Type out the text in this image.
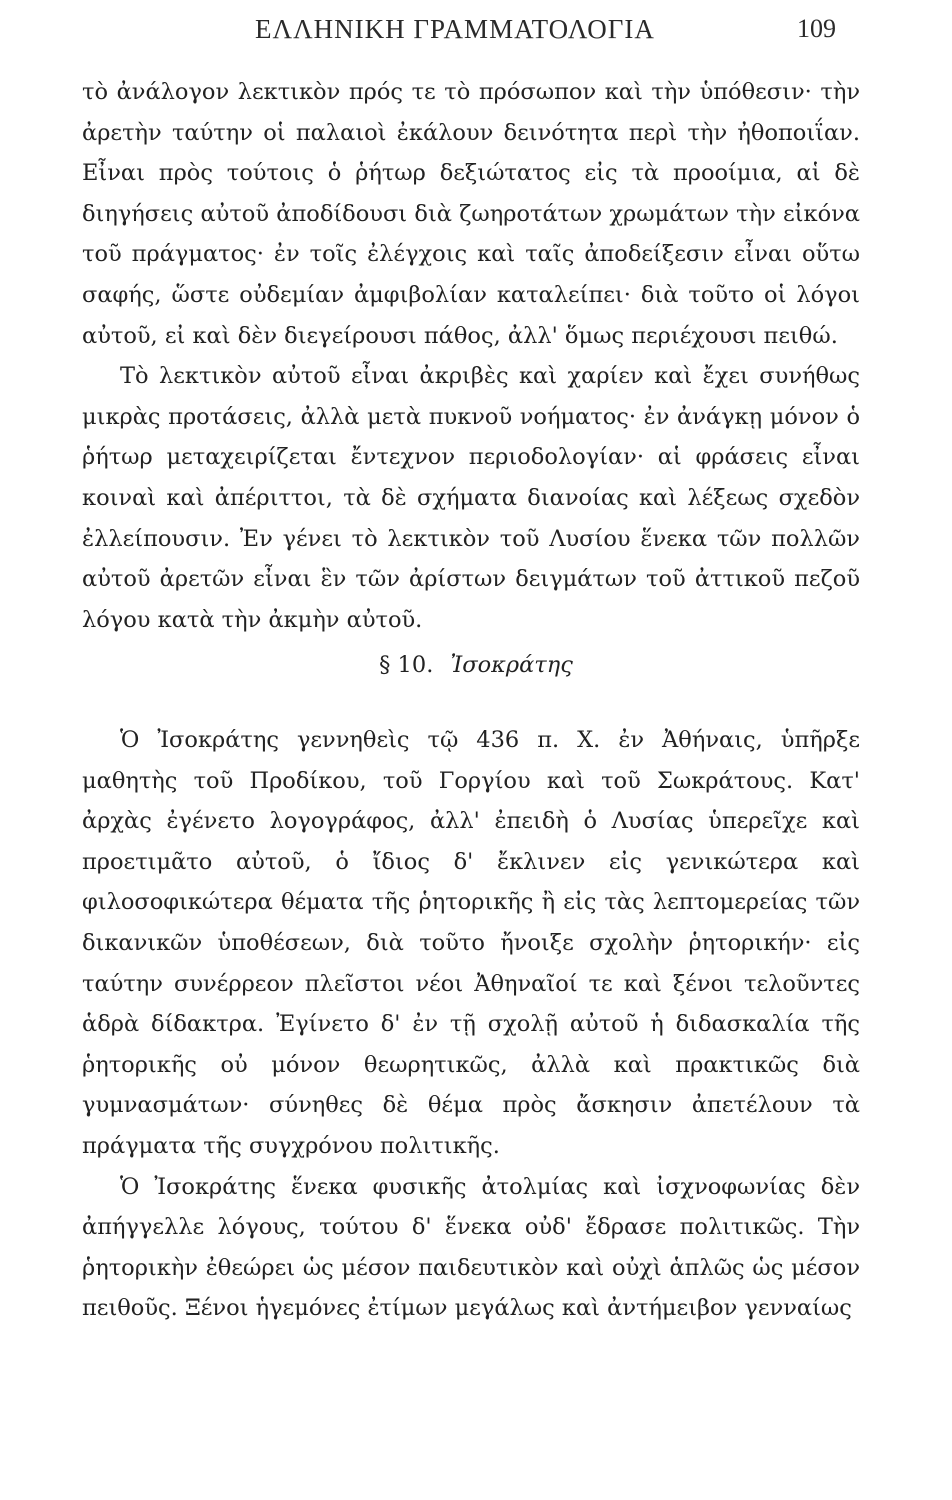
ΕΛΛΗΝΙΚΗ ΓΡΑΜΜΑΤΟΛΟΓΙΑ	109

τὸ ἀνάλογον λεκτικὸν πρός τε τὸ πρόσωπον καὶ τὴν ὑπόθεσιν· τὴν ἀρετὴν ταύτην οἱ παλαιοὶ ἐκάλουν δεινότητα περὶ τὴν ἠθοποιΐαν. Εἶναι πρὸς τούτοις ὁ ῥήτωρ δεξιώτατος εἰς τὰ προοίμια, αἱ δὲ διηγήσεις αὐτοῦ ἀποδίδουσι διὰ ζωηροτάτων χρωμάτων τὴν εἰκόνα τοῦ πράγματος· ἐν τοῖς ἐλέγχοις καὶ ταῖς ἀποδείξεσιν εἶναι οὕτω σαφής, ὥστε οὐδεμίαν ἀμφιβολίαν καταλείπει· διὰ τοῦτο οἱ λόγοι αὐτοῦ, εἰ καὶ δὲν διεγείρουσι πάθος, ἀλλ' ὅμως περιέχουσι πειθώ.

Τὸ λεκτικὸν αὐτοῦ εἶναι ἀκριβὲς καὶ χαρίεν καὶ ἔχει συνήθως μικρὰς προτάσεις, ἀλλὰ μετὰ πυκνοῦ νοήματος· ἐν ἀνάγκῃ μόνον ὁ ῥήτωρ μεταχειρίζεται ἔντεχνον περιοδολογίαν· αἱ φράσεις εἶναι κοιναὶ καὶ ἀπέριττοι, τὰ δὲ σχήματα διανοίας καὶ λέξεως σχεδὸν ἐλλείπουσιν. Ἐν γένει τὸ λεκτικὸν τοῦ Λυσίου ἕνεκα τῶν πολλῶν αὐτοῦ ἀρετῶν εἶναι ἓν τῶν ἀρίστων δειγμάτων τοῦ ἀττικοῦ πεζοῦ λόγου κατὰ τὴν ἀκμὴν αὐτοῦ.

§ 10. Ἰσοκράτης

Ὁ Ἰσοκράτης γεννηθεὶς τῷ 436 π. Χ. ἐν Ἀθήναις, ὑπῆρξε μαθητὴς τοῦ Προδίκου, τοῦ Γοργίου καὶ τοῦ Σωκράτους. Κατ' ἀρχὰς ἐγένετο λογογράφος, ἀλλ' ἐπειδὴ ὁ Λυσίας ὑπερεῖχε καὶ προετιμᾶτο αὐτοῦ, ὁ ἴδιος δ' ἔκλινεν εἰς γενικώτερα καὶ φιλοσοφικώτερα θέματα τῆς ῥητορικῆς ἢ εἰς τὰς λεπτομερείας τῶν δικανικῶν ὑποθέσεων, διὰ τοῦτο ἤνοιξε σχολὴν ῥητορικήν· εἰς ταύτην συνέρρεον πλεῖστοι νέοι Ἀθηναῖοί τε καὶ ξένοι τελοῦντες ἁδρὰ δίδακτρα. Ἐγίνετο δ' ἐν τῇ σχολῇ αὐτοῦ ἡ διδασκαλία τῆς ῥητορικῆς οὐ μόνον θεωρητικῶς, ἀλλὰ καὶ πρακτικῶς διὰ γυμνασμάτων· σύνηθες δὲ θέμα πρὸς ἄσκησιν ἀπετέλουν τὰ πράγματα τῆς συγχρόνου πολιτικῆς.

Ὁ Ἰσοκράτης ἕνεκα φυσικῆς ἀτολμίας καὶ ἰσχνοφωνίας δὲν ἀπήγγελλε λόγους, τούτου δ' ἕνεκα οὐδ' ἔδρασε πολιτικῶς. Τὴν ῥητορικὴν ἐθεώρει ὡς μέσον παιδευτικὸν καὶ οὐχὶ ἁπλῶς ὡς μέσον πειθοῦς. Ξένοι ἡγεμόνες ἐτίμων μεγάλως καὶ ἀντήμειβον γενναίως
